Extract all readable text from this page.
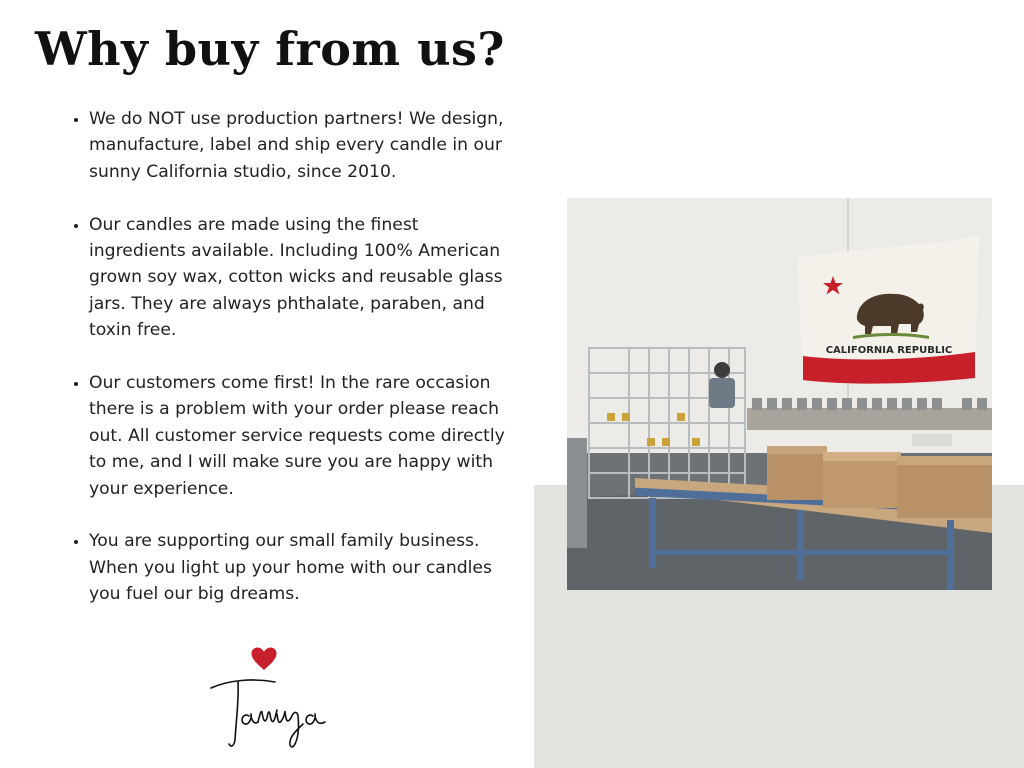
Why buy from us?
• We do NOT use production partners! We design, manufacture, label and ship every candle in our sunny California studio, since 2010.
• Our candles are made using the finest ingredients available. Including 100% American grown soy wax, cotton wicks and reusable glass jars. They are always phthalate, paraben, and toxin free.
• Our customers come first! In the rare occasion there is a problem with your order please reach out. All customer service requests come directly to me, and I will make sure you are happy with your experience.
• You are supporting our small family business. When you light up your home with our candles you fuel our big dreams.
CALIFORNIA REPUBLIC
